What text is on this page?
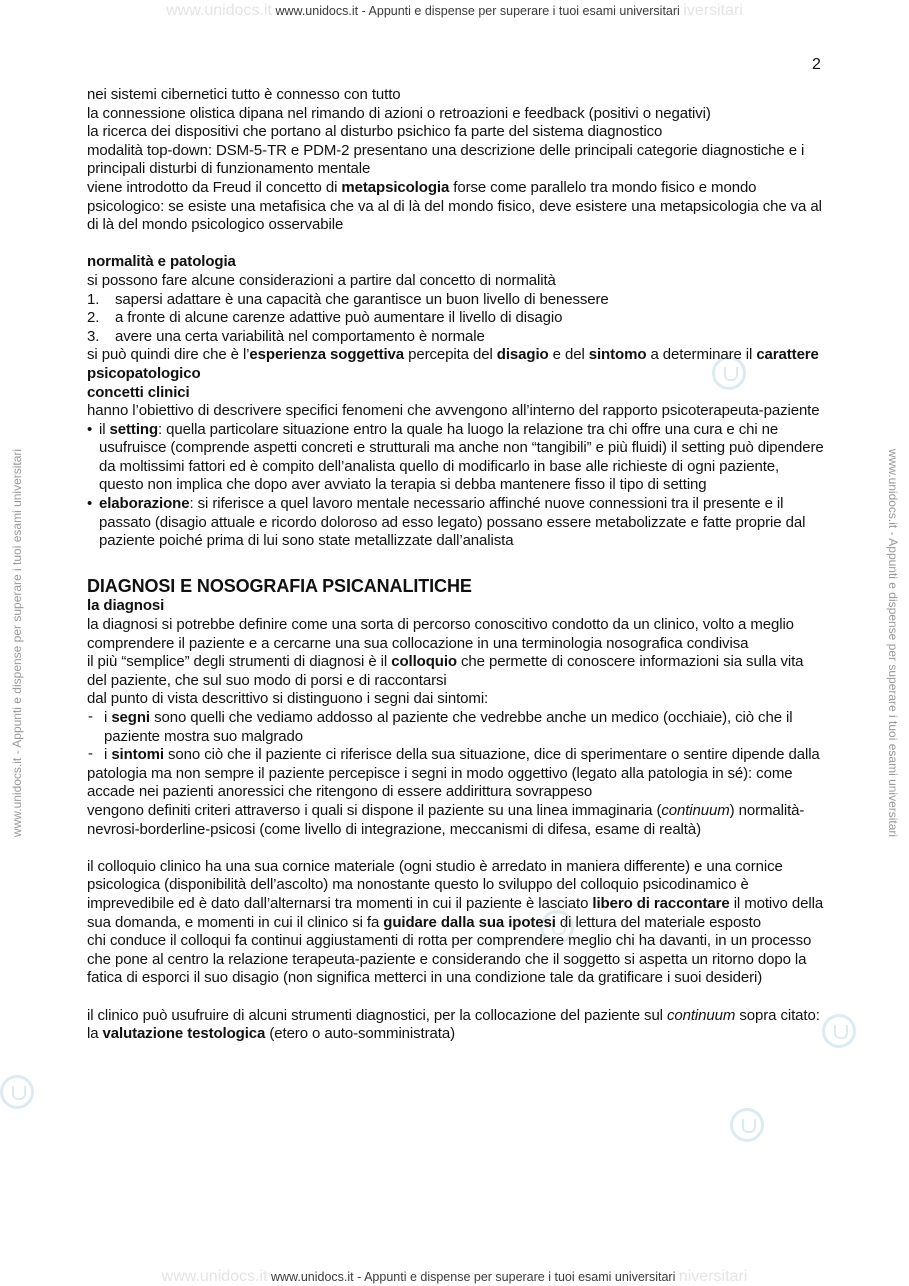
www.unidocs.it www.unidocs.it - Appunti e dispense per superare i tuoi esami universitari iversitari
www.unidocs.it www.unidocs.it - Appunti e dispense per superare i tuoi esami universitari niversitari
www.unidocs.it - Appunti e dispense per superare i tuoi esami universitari	www.unidocs.it - Appunti e dispense per superare i tuoi esami universitari
2

nei sistemi cibernetici tutto è connesso con tutto

la connessione olistica dipana nel rimando di azioni o retroazioni e feedback (positivi o negativi)

la ricerca dei dispositivi che portano al disturbo psichico fa parte del sistema diagnostico

modalità top-down: DSM-5-TR e PDM-2 presentano una descrizione delle principali categorie diagnostiche e i principali disturbi di funzionamento mentale

viene introdotto da Freud il concetto di metapsicologia forse come parallelo tra mondo fisico e mondo psicologico: se esiste una metafisica che va al di là del mondo fisico, deve esistere una metapsicologia che va al di là del mondo psicologico osservabile

normalità e patologia

si possono fare alcune considerazioni a partire dal concetto di normalità

1.	sapersi adattare è una capacità che garantisce un buon livello di benessere
2.	a fronte di alcune carenze adattive può aumentare il livello di disagio
3.	avere una certa variabilità nel comportamento è normale

si può quindi dire che è l’esperienza soggettiva percepita del disagio e del sintomo a determinare il carattere psicopatologico

concetti clinici

hanno l’obiettivo di descrivere specifici fenomeni che avvengono all’interno del rapporto psicoterapeuta-paziente

• il setting: quella particolare situazione entro la quale ha luogo la relazione tra chi offre una cura e chi ne usufruisce (comprende aspetti concreti e strutturali ma anche non “tangibili” e più fluidi) il setting può dipendere da moltissimi fattori ed è compito dell’analista quello di modificarlo in base alle richieste di ogni paziente, questo non implica che dopo aver avviato la terapia si debba mantenere fisso il tipo di setting
• elaborazione: si riferisce a quel lavoro mentale necessario affinché nuove connessioni tra il presente e il passato (disagio attuale e ricordo doloroso ad esso legato) possano essere metabolizzate e fatte proprie dal paziente poiché prima di lui sono state metallizzate dall’analista

DIAGNOSI E NOSOGRAFIA PSICANALITICHE

la diagnosi

la diagnosi si potrebbe definire come una sorta di percorso conoscitivo condotto da un clinico, volto a meglio comprendere il paziente e a cercarne una sua collocazione in una terminologia nosografica condivisa

il più “semplice” degli strumenti di diagnosi è il colloquio che permette di conoscere informazioni sia sulla vita del paziente, che sul suo modo di porsi e di raccontarsi

dal punto di vista descrittivo si distinguono i segni dai sintomi:

- i segni sono quelli che vediamo addosso al paziente che vedrebbe anche un medico (occhiaie), ciò che il paziente mostra suo malgrado

- i sintomi sono ciò che il paziente ci riferisce della sua situazione, dice di sperimentare o sentire dipende dalla patologia ma non sempre il paziente percepisce i segni in modo oggettivo (legato alla patologia in sé): come accade nei pazienti anoressici che ritengono di essere addirittura sovrappeso

vengono definiti criteri attraverso i quali si dispone il paziente su una linea immaginaria (continuum) normalità-nevrosi-borderline-psicosi (come livello di integrazione, meccanismi di difesa, esame di realtà)

il colloquio clinico ha una sua cornice materiale (ogni studio è arredato in maniera differente) e una cornice psicologica (disponibilità dell’ascolto) ma nonostante questo lo sviluppo del colloquio psicodinamico è imprevedibile ed è dato dall’alternarsi tra momenti in cui il paziente è lasciato libero di raccontare il motivo della sua domanda, e momenti in cui il clinico si fa guidare dalla sua ipotesi di lettura del materiale esposto

chi conduce il colloqui fa continui aggiustamenti di rotta per comprendere meglio chi ha davanti, in un processo che pone al centro la relazione terapeuta-paziente e considerando che il soggetto si aspetta un ritorno dopo la fatica di esporci il suo disagio (non significa metterci in una condizione tale da gratificare i suoi desideri)

il clinico può usufruire di alcuni strumenti diagnostici, per la collocazione del paziente sul continuum sopra citato: la valutazione testologica (etero o auto-somministrata)
